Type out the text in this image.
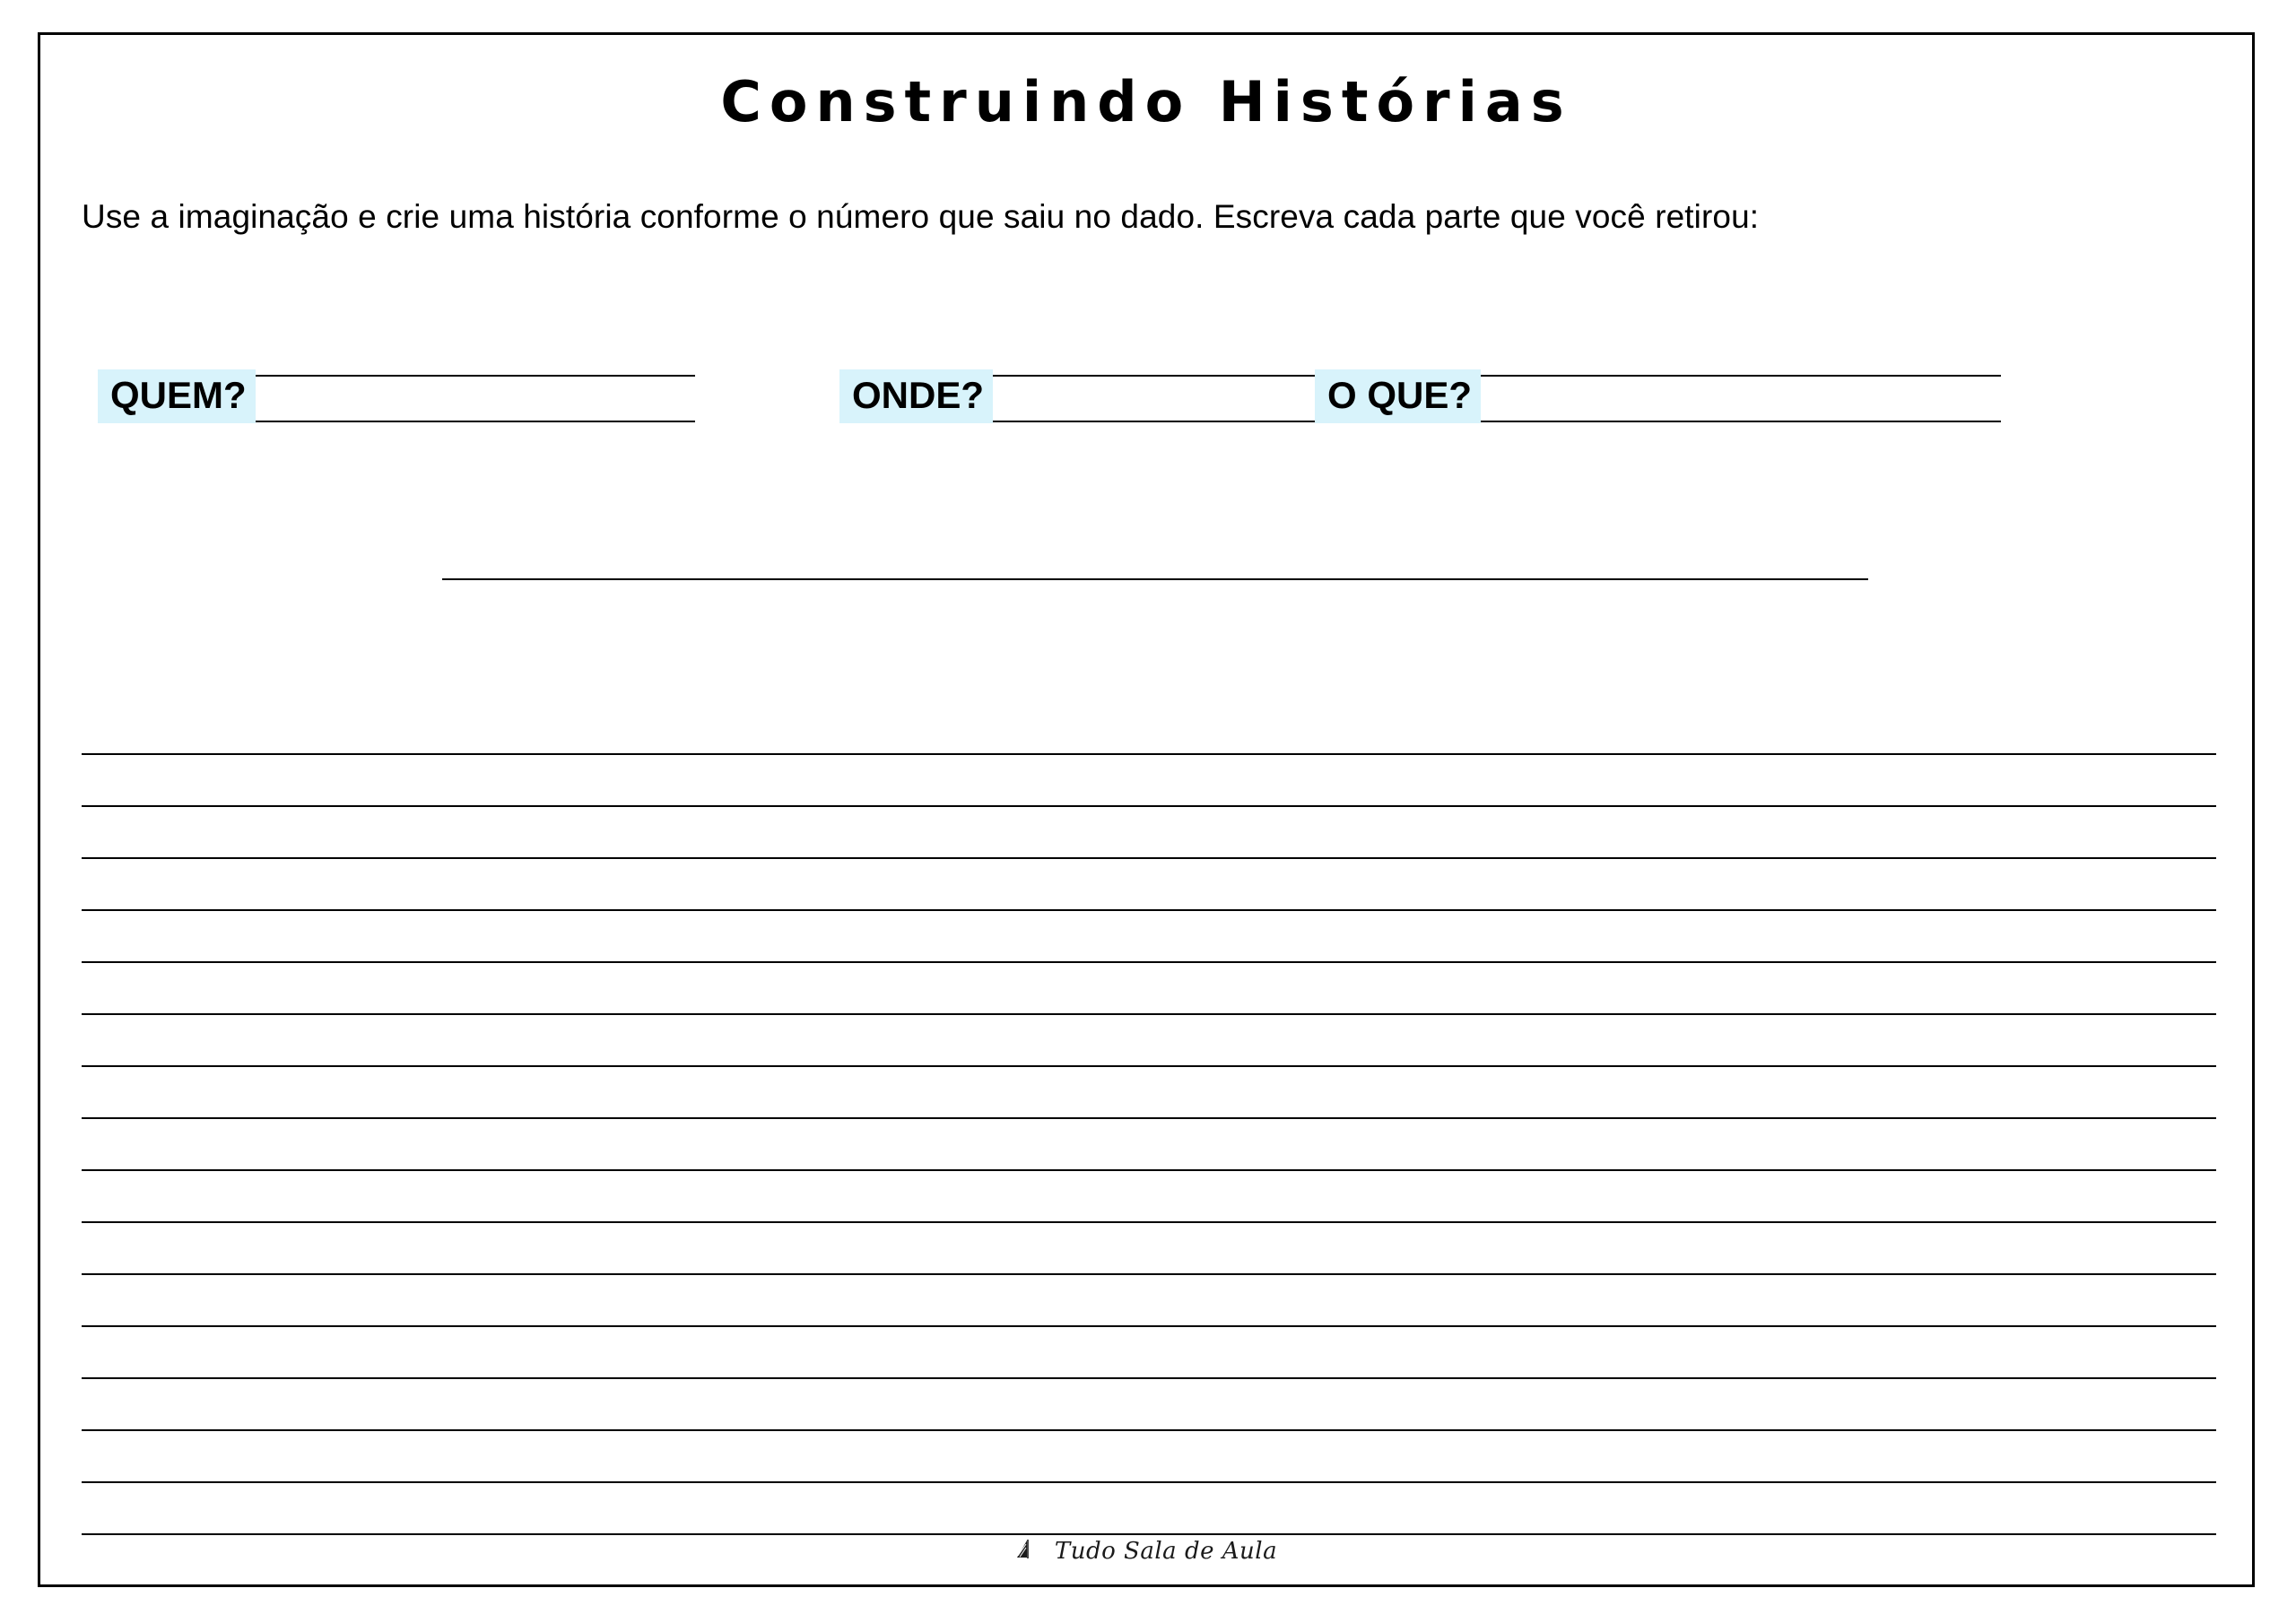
Construindo Histórias
Use a imaginação e crie uma história conforme o número que saiu no dado. Escreva cada parte que você retirou:
QUEM?	ONDE?	O QUE?
Tudo Sala de Aula
